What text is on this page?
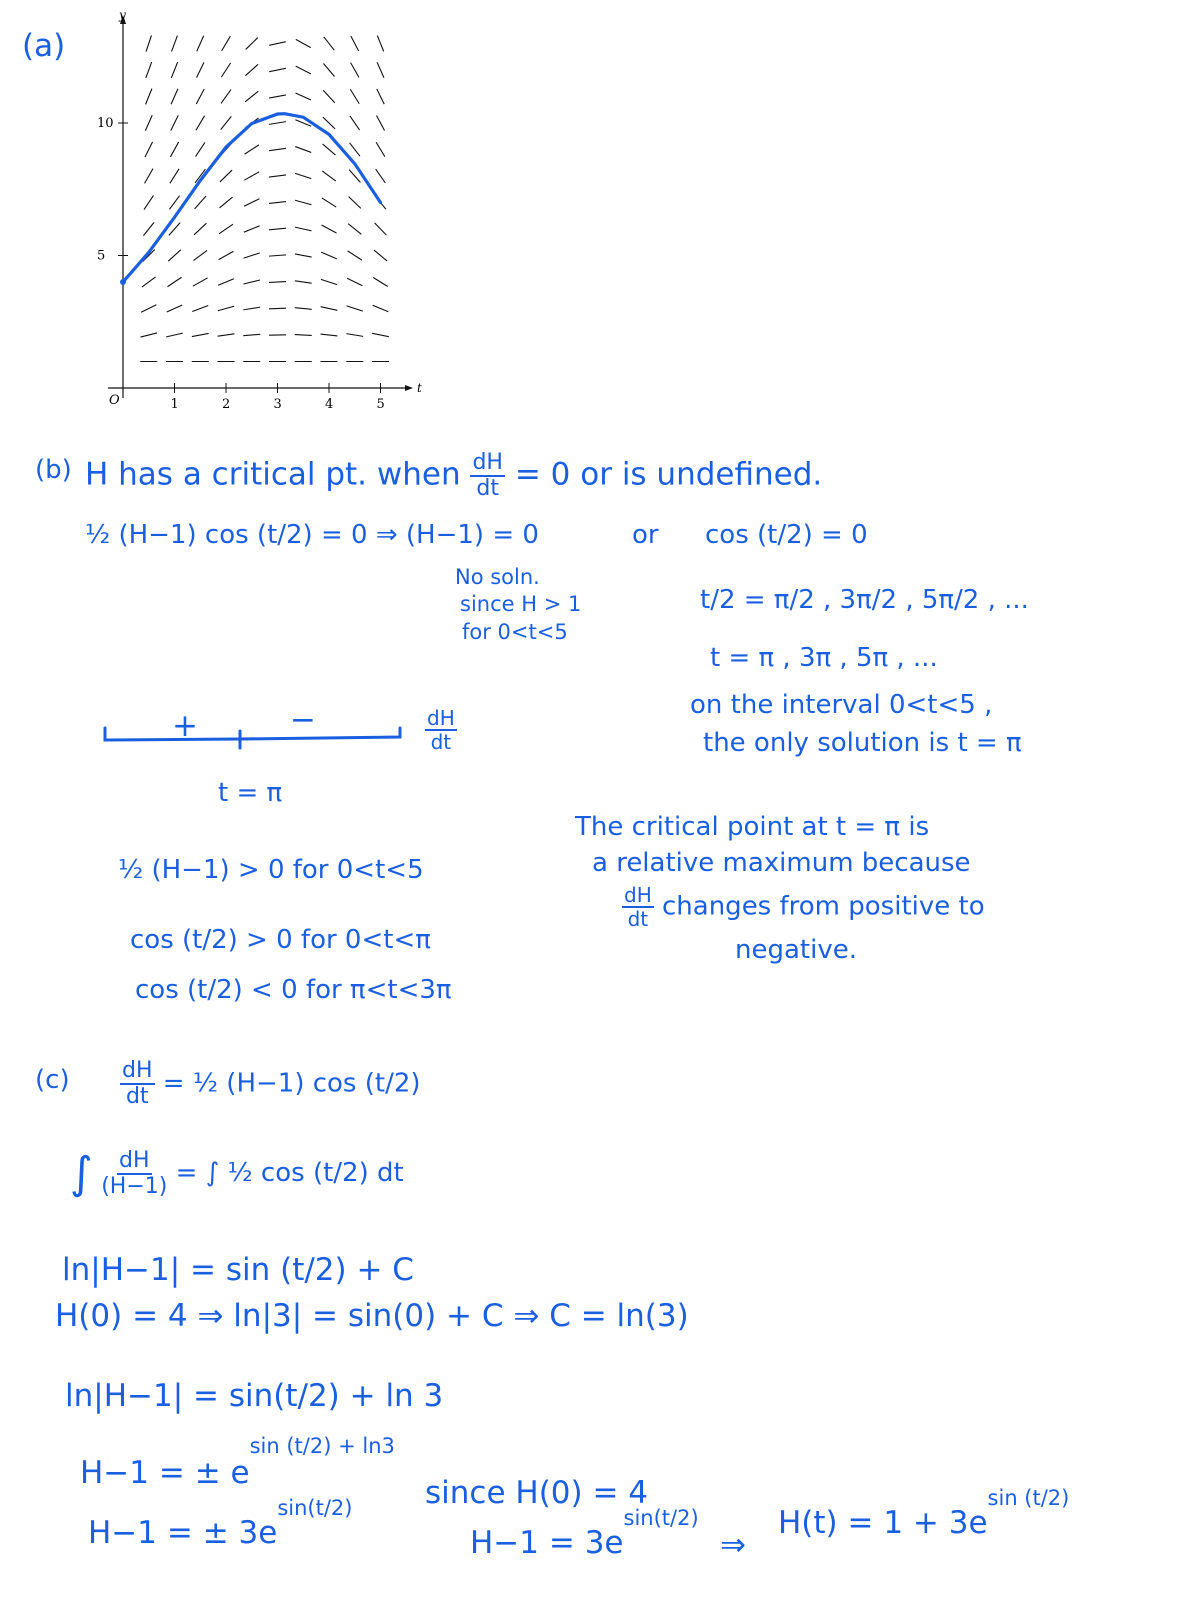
(a)
t
y
O	1	2	3	4	5
5
10
(b) H has a critical pt. when $\frac{dH}{dt} = 0$ or is undefined.
½ (H−1) cos (t/2) = 0 ⇒ (H−1) = 0	or cos (t/2) = 0
No soln.
since H > 1
for 0<t<5
t/2 = π/2 , 3π/2 , 5π/2 , ...
t = π , 3π , 5π , ...
on the interval 0<t<5 ,
the only solution is t = π
+	−	$\frac{dH}{dt}$
t = π
½ (H−1) > 0 for 0<t<5
cos (t/2) > 0 for 0<t<π
cos (t/2) < 0 for π<t<3π
The critical point at t = π is
a relative maximum because
$\frac{dH}{dt}$ changes from positive to
negative.
$(c) \frac{dH}{dt}$ = ½ (H−1) cos (t/2)
∫ $\frac{dH}{(H-1)}$ = ∫ ½ cos (t/2) dt
ln|H−1| = sin (t/2) + C
H(0) = 4 ⇒ ln|3| = sin(0) + C ⇒ C = ln(3)
ln|H−1| = sin(t/2) + ln 3
H−1 = ± $e^{sin (t/2) + ln3}$
H−1 = ± $3e^{sin(t/2)}$ since H(0) = 4
$H-1 = 3e^{sin(t/2)}$
⇒
$H(t) = 1 + 3e^{sin (t/2)}$
